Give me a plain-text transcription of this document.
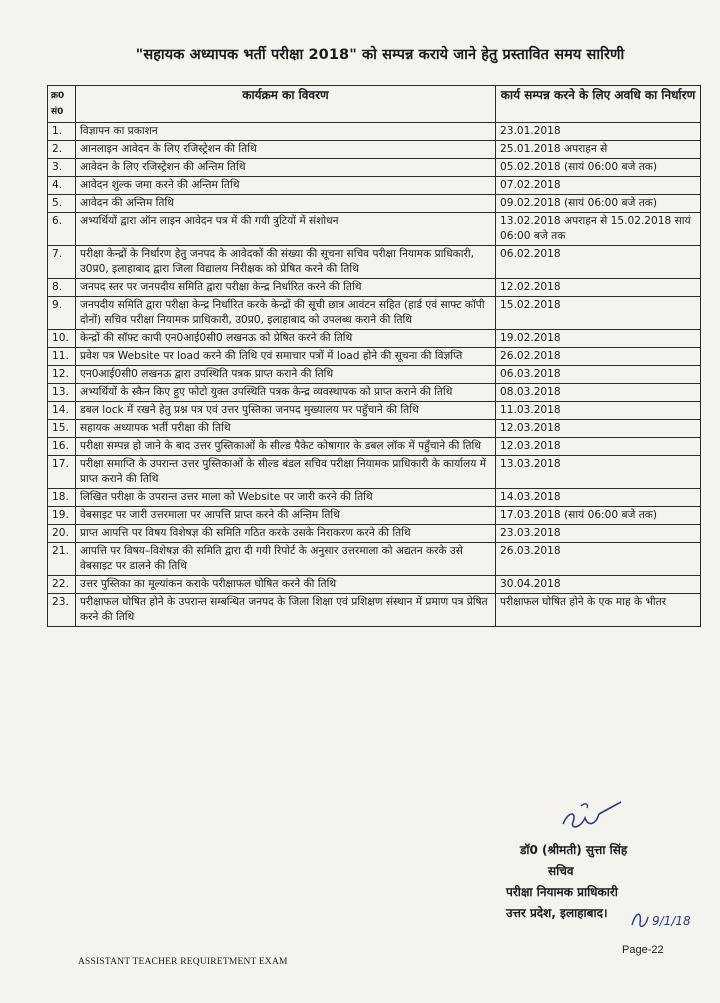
"सहायक अध्यापक भर्ती परीक्षा 2018" को सम्पन्न कराये जाने हेतु प्रस्तावित समय सारिणी
क्र0 सं0	कार्यक्रम का विवरण	कार्य सम्पन्न करने के लिए अवधि का निर्धारण
1.	विज्ञापन का प्रकाशन	23.01.2018
2.	आनलाइन आवेदन के लिए रजिस्ट्रेशन की तिथि	25.01.2018 अपराहन से
3.	आवेदन के लिए रजिस्ट्रेशन की अन्तिम तिथि	05.02.2018 (सायं 06:00 बजे तक)
4.	आवेदन शुल्क जमा करने की अन्तिम तिथि	07.02.2018
5.	आवेदन की अन्तिम तिथि	09.02.2018 (सायं 06:00 बजे तक)
6.	अभ्यर्थियों द्वारा ऑन लाइन आवेदन पत्र में की गयी त्रुटियों में संशोधन	13.02.2018 अपराहन से 15.02.2018 सायं 06:00 बजे तक
7.	परीक्षा केन्द्रों के निर्धारण हेतु जनपद के आवेदकों की संख्या की सूचना सचिव परीक्षा नियामक प्राधिकारी, उ0प्र0, इलाहाबाद द्वारा जिला विद्यालय निरीक्षक को प्रेषित करने की तिथि	06.02.2018
8.	जनपद स्तर पर जनपदीय समिति द्वारा परीक्षा केन्द्र निर्धारित करने की तिथि	12.02.2018
9.	जनपदीय समिति द्वारा परीक्षा केन्द्र निर्धारित करके केन्द्रों की सूची छात्र आवंटन सहित (हार्ड एवं साफ्ट कॉपी दोनों) सचिव परीक्षा नियामक प्राधिकारी, उ0प्र0, इलाहाबाद को उपलब्ध कराने की तिथि	15.02.2018
10.	केन्द्रों की सॉफ्ट कापी एन0आई0सी0 लखनऊ को प्रेषित करने की तिथि	19.02.2018
11.	प्रवेश पत्र Website पर load करने की तिथि एवं समाचार पत्रों में load होने की सूचना की विज्ञप्ति	26.02.2018
12.	एन0आई0सी0 लखनऊ द्वारा उपस्थिति पत्रक प्राप्त कराने की तिथि	06.03.2018
13.	अभ्यर्थियों के स्कैन किए हुए फोटो युक्त उपस्थिति पत्रक केन्द्र व्यवस्थापक को प्राप्त कराने की तिथि	08.03.2018
14.	डबल lock में रखने हेतु प्रश्न पत्र एवं उत्तर पुस्तिका जनपद मुख्यालय पर पहुँचाने की तिथि	11.03.2018
15.	सहायक अध्यापक भर्ती परीक्षा की तिथि	12.03.2018
16.	परीक्षा सम्पन्न हो जाने के बाद उत्तर पुस्तिकाओं के सील्ड पैकेट कोषागार के डबल लॉक में पहुँचाने की तिथि	12.03.2018
17.	परीक्षा समाप्ति के उपरान्त उत्तर पुस्तिकाओं के सील्ड बंडल सचिव परीक्षा नियामक प्राधिकारी के कार्यालय में प्राप्त कराने की तिथि	13.03.2018
18.	लिखित परीक्षा के उपरान्त उत्तर माला को Website पर जारी करने की तिथि	14.03.2018
19.	वेबसाइट पर जारी उत्तरमाला पर आपत्ति प्राप्त करने की अन्तिम तिथि	17.03.2018 (सायं 06:00 बजे तक)
20.	प्राप्त आपत्ति पर विषय विशेषज्ञ की समिति गठित करके उसके निराकरण करने की तिथि	23.03.2018
21.	आपत्ति पर विषय–विशेषज्ञ की समिति द्वारा दी गयी रिपोर्ट के अनुसार उत्तरमाला को अद्यतन करके उसे वेबसाइट पर डालने की तिथि	26.03.2018
22.	उत्तर पुस्तिका का मूल्यांकन कराके परीक्षाफल घोषित करने की तिथि	30.04.2018
23.	परीक्षाफल घोषित होने के उपरान्त सम्बन्धित जनपद के जिला शिक्षा एवं प्रशिक्षण संस्थान में प्रमाण पत्र प्रेषित करने की तिथि	परीक्षाफल घोषित होने के एक माह के भीतर
डॉ0 (श्रीमती) सुत्ता सिंह
सचिव
परीक्षा नियामक प्राधिकारी
उत्तर प्रदेश, इलाहाबाद।
9/1/18
Page-22
ASSISTANT TEACHER REQUIRETMENT EXAM
